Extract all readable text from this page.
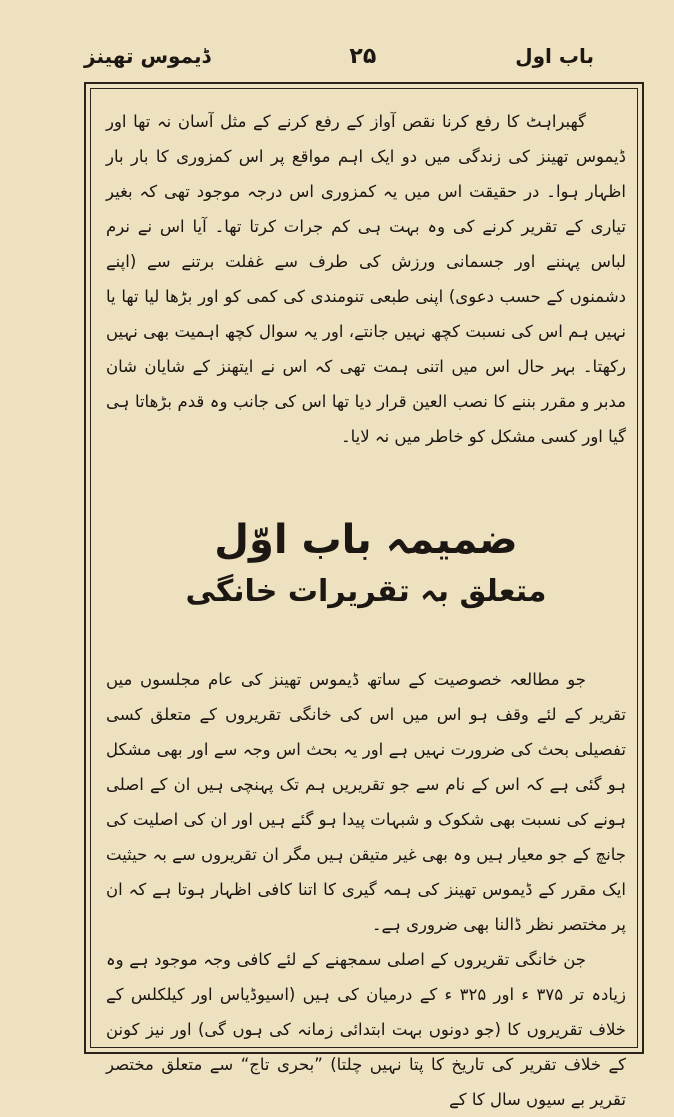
باب اول
۲۵
ڈیموس تھینز

گھبراہٹ کا رفع کرنا نقص آواز کے رفع کرنے کے مثل آسان نہ تھا اور ڈیموس تھینز کی زندگی میں دو ایک اہم مواقع پر اس کمزوری کا بار بار اظہار ہوا۔ در حقیقت اس میں یہ کمزوری اس درجہ موجود تھی کہ بغیر تیاری کے تقریر کرنے کی وہ بہت ہی کم جرات کرتا تھا۔ آیا اس نے نرم لباس پہننے اور جسمانی ورزش کی طرف سے غفلت برتنے سے (اپنے دشمنوں کے حسب دعوی) اپنی طبعی تنومندی کی کمی کو اور بڑھا لیا تھا یا نہیں ہم اس کی نسبت کچھ نہیں جانتے، اور یہ سوال کچھ اہمیت بھی نہیں رکھتا۔ بہر حال اس میں اتنی ہمت تھی کہ اس نے ایتھنز کے شایان شان مدبر و مقرر بننے کا نصب العین قرار دیا تھا اس کی جانب وہ قدم بڑھاتا ہی گیا اور کسی مشکل کو خاطر میں نہ لایا۔

ضمیمہ باب اوّل
متعلق بہ تقریرات خانگی

جو مطالعہ خصوصیت کے ساتھ ڈیموس تھینز کی عام مجلسوں میں تقریر کے لئے وقف ہو اس میں اس کی خانگی تقریروں کے متعلق کسی تفصیلی بحث کی ضرورت نہیں ہے اور یہ بحث اس وجہ سے اور بھی مشکل ہو گئی ہے کہ اس کے نام سے جو تقریریں ہم تک پہنچی ہیں ان کے اصلی ہونے کی نسبت بھی شکوک و شبہات پیدا ہو گئے ہیں اور ان کی اصلیت کی جانچ کے جو معیار ہیں وہ بھی غیر متیقن ہیں مگر ان تقریروں سے بہ حیثیت ایک مقرر کے ڈیموس تھینز کی ہمہ گیری کا اتنا کافی اظہار ہوتا ہے کہ ان پر مختصر نظر ڈالنا بھی ضروری ہے۔

جن خانگی تقریروں کے اصلی سمجھنے کے لئے کافی وجہ موجود ہے وہ زیادہ تر ۳۷۵ ء اور ۳۲۵ ء کے درمیان کی ہیں (اسیوڈیاس اور کیلکلس کے خلاف تقریروں کا (جو دونوں بہت ابتدائی زمانہ کی ہوں گی) اور نیز کونن کے خلاف تقریر کی تاریخ کا پتا نہیں چلتا) ”بحری تاج“ سے متعلق مختصر تقریر بے سیوں سال کا کے
